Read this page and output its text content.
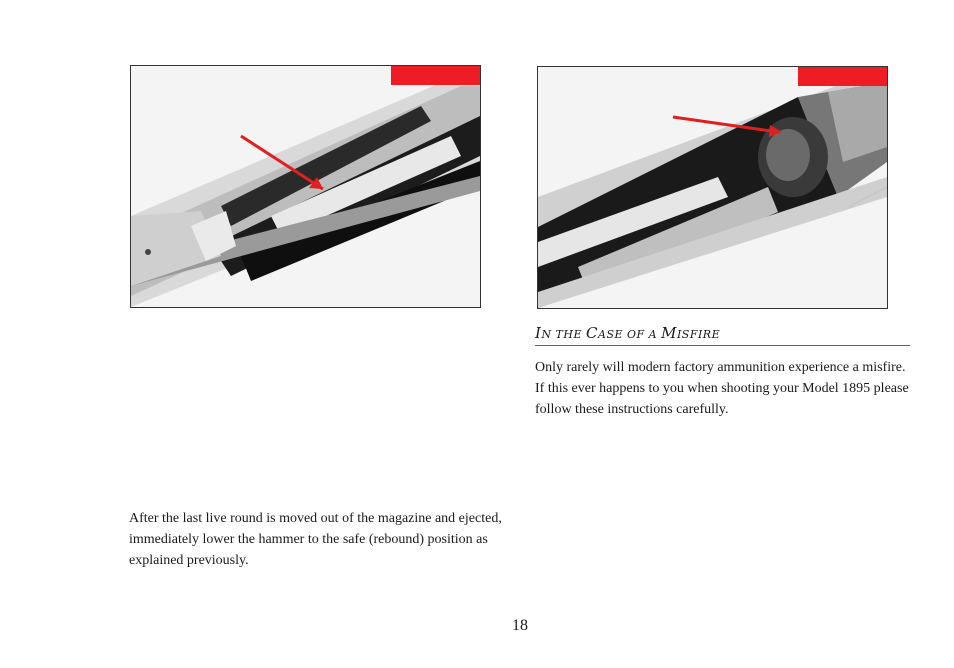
IN THE CASE OF A MISFIRE

Only rarely will modern factory ammunition experience a misfire. If this ever happens to you when shooting your Model 1895 please follow these instructions carefully.

After the last live round is moved out of the magazine and ejected, immediately lower the hammer to the safe (rebound) position as explained previously.

18
